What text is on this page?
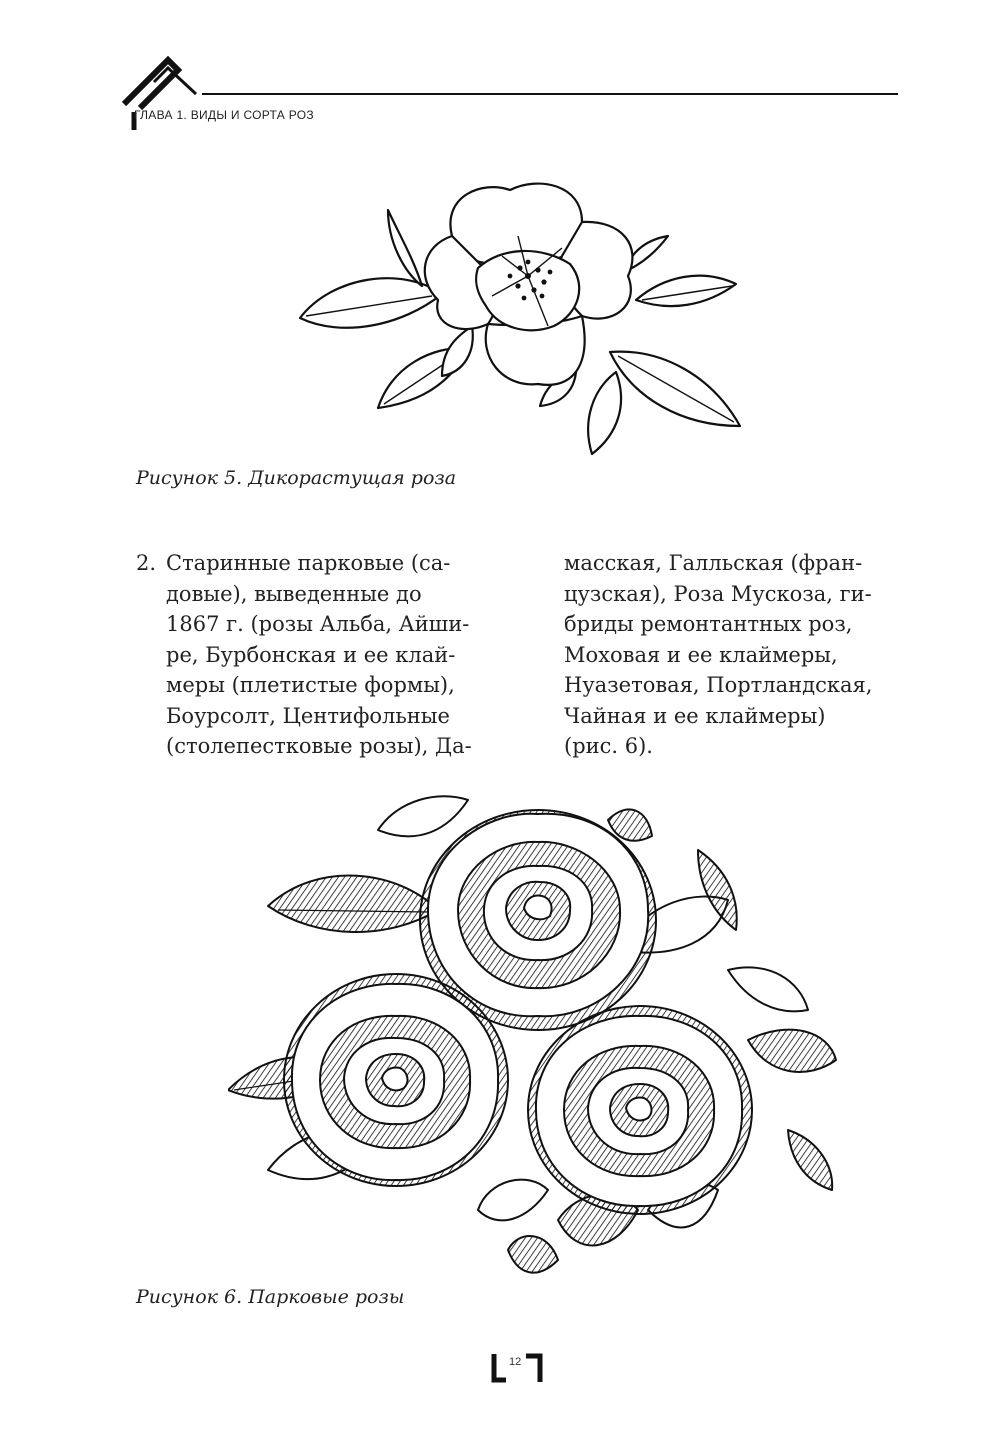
ГЛАВА 1. ВИДЫ И СОРТА РОЗ
Рисунок 5. Дикорастущая роза
2. Старинные парковые (са-
довые), выведенные до
1867 г. (розы Альба, Айши-
ре, Бурбонская и ее клай-
меры (плетистые формы),
Боурсолт, Центифольные
(столепестковые розы), Да-
масская, Галльская (фран-
цузская), Роза Мускоза, ги-
бриды ремонтантных роз,
Моховая и ее клаймеры,
Нуазетовая, Портландская,
Чайная и ее клаймеры)
(рис. 6).
Рисунок 6. Парковые розы
12
